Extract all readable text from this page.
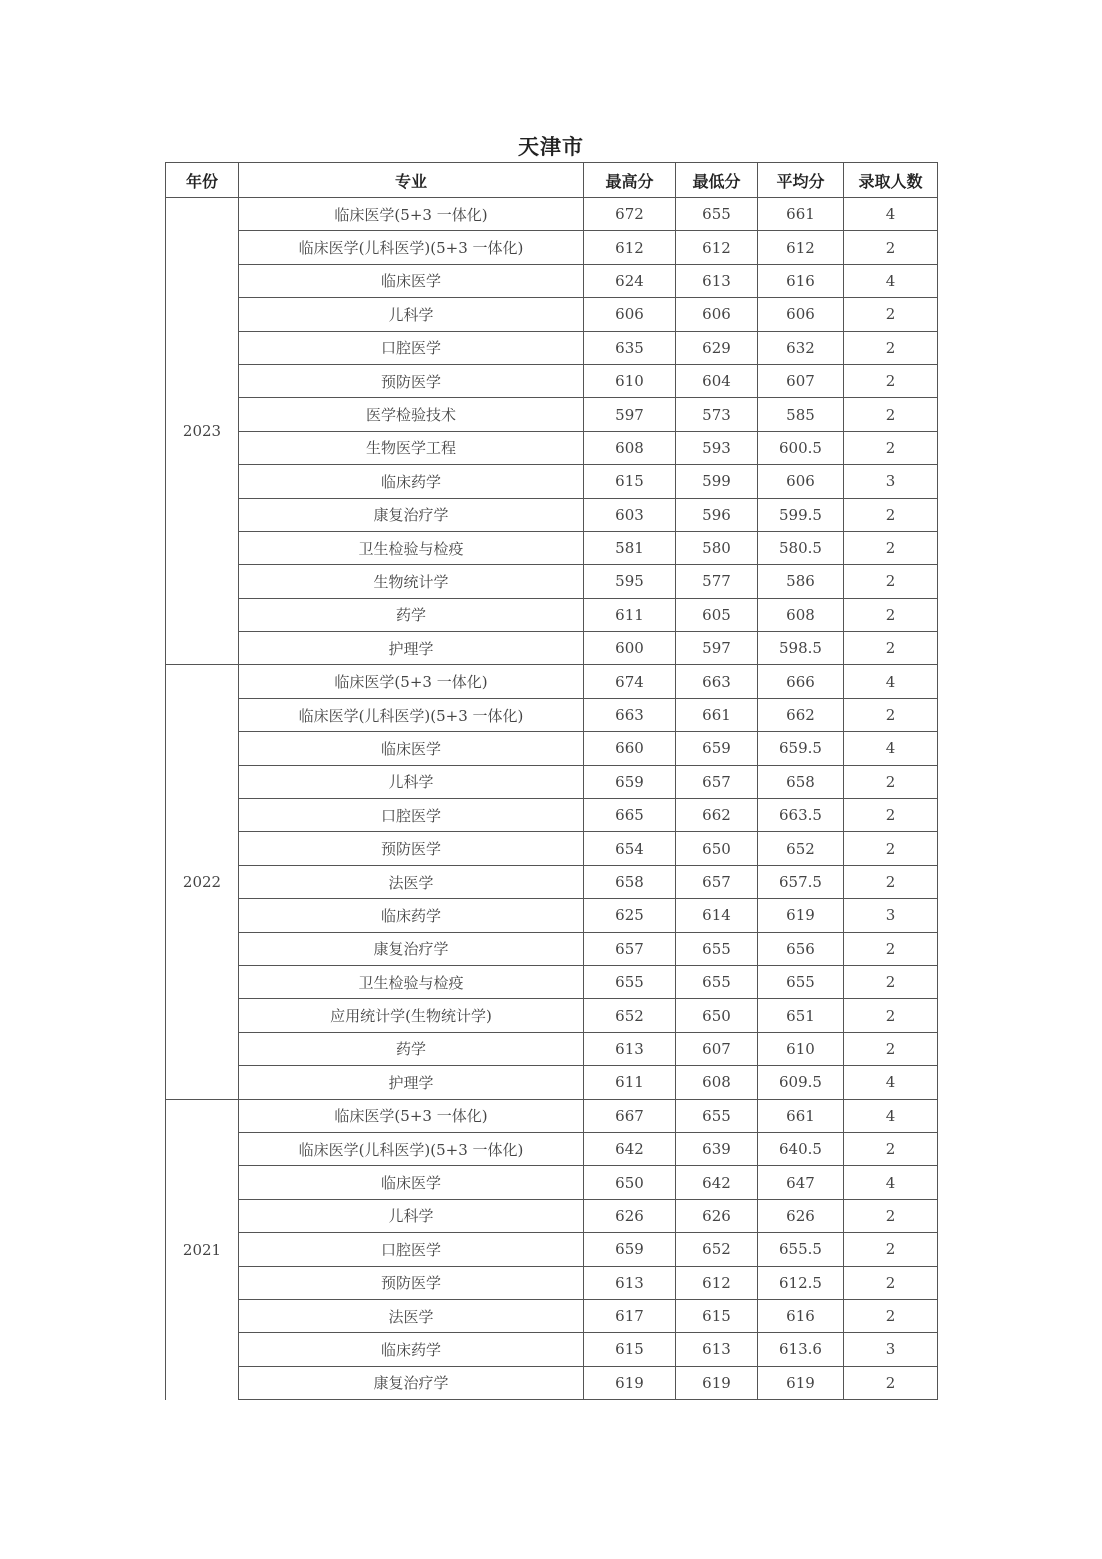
天津市
年份	专业	最高分	最低分	平均分	录取人数
2023	临床医学(5+3 一体化)	672	655	661	4
	临床医学(儿科医学)(5+3 一体化)	612	612	612	2
	临床医学	624	613	616	4
	儿科学	606	606	606	2
	口腔医学	635	629	632	2
	预防医学	610	604	607	2
	医学检验技术	597	573	585	2
	生物医学工程	608	593	600.5	2
	临床药学	615	599	606	3
	康复治疗学	603	596	599.5	2
	卫生检验与检疫	581	580	580.5	2
	生物统计学	595	577	586	2
	药学	611	605	608	2
	护理学	600	597	598.5	2
2022	临床医学(5+3 一体化)	674	663	666	4
	临床医学(儿科医学)(5+3 一体化)	663	661	662	2
	临床医学	660	659	659.5	4
	儿科学	659	657	658	2
	口腔医学	665	662	663.5	2
	预防医学	654	650	652	2
	法医学	658	657	657.5	2
	临床药学	625	614	619	3
	康复治疗学	657	655	656	2
	卫生检验与检疫	655	655	655	2
	应用统计学(生物统计学)	652	650	651	2
	药学	613	607	610	2
	护理学	611	608	609.5	4
2021	临床医学(5+3 一体化)	667	655	661	4
	临床医学(儿科医学)(5+3 一体化)	642	639	640.5	2
	临床医学	650	642	647	4
	儿科学	626	626	626	2
	口腔医学	659	652	655.5	2
	预防医学	613	612	612.5	2
	法医学	617	615	616	2
	临床药学	615	613	613.6	3
	康复治疗学	619	619	619	2
